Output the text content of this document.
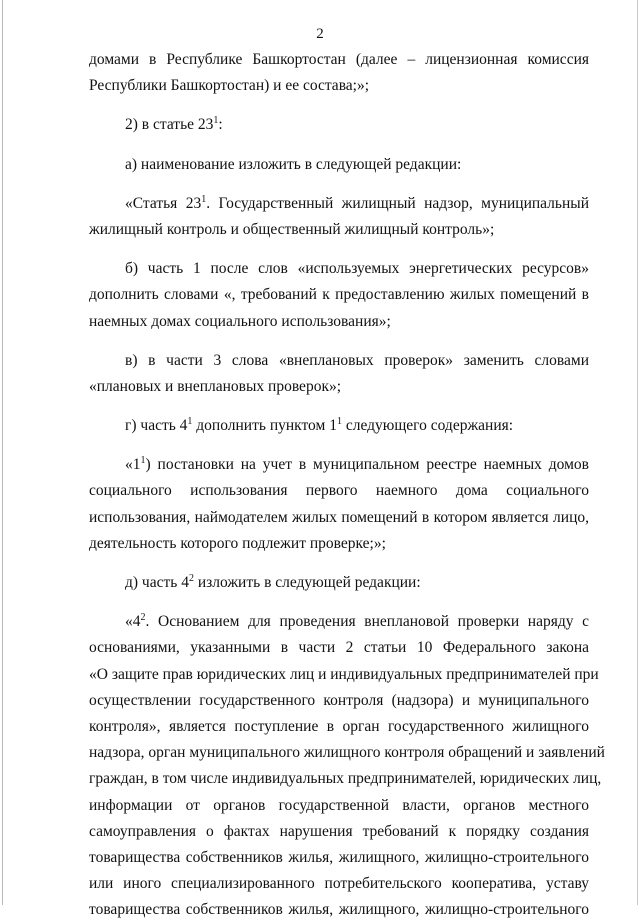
2
домами в Республике Башкортостан (далее – лицензионная комиссия
Республики Башкортостан) и ее состава;»;
2) в статье $23^1$:
а) наименование изложить в следующей редакции:
«Статья $23^1$. Государственный жилищный надзор, муниципальный
жилищный контроль и общественный жилищный контроль»;
б) часть 1 после слов «используемых энергетических ресурсов»
дополнить словами «, требований к предоставлению жилых помещений в
наемных домах социального использования»;
в) в части 3 слова «внеплановых проверок» заменить словами
«плановых и внеплановых проверок»;
г) часть $4^1$ дополнить пунктом $1^1$ следующего содержания:
«$1^1$) постановки на учет в муниципальном реестре наемных домов
социального использования первого наемного дома социального
использования, наймодателем жилых помещений в котором является лицо,
деятельность которого подлежит проверке;»;
д) часть $4^2$ изложить в следующей редакции:
«$4^2$. Основанием для проведения внеплановой проверки наряду с
основаниями, указанными в части 2 статьи 10 Федерального закона
«О защите прав юридических лиц и индивидуальных предпринимателей при
осуществлении государственного контроля (надзора) и муниципального
контроля», является поступление в орган государственного жилищного
надзора, орган муниципального жилищного контроля обращений и заявлений
граждан, в том числе индивидуальных предпринимателей, юридических лиц,
информации от органов государственной власти, органов местного
самоуправления о фактах нарушения требований к порядку создания
товарищества собственников жилья, жилищного, жилищно-строительного
или иного специализированного потребительского кооператива, уставу
товарищества собственников жилья, жилищного, жилищно-строительного
